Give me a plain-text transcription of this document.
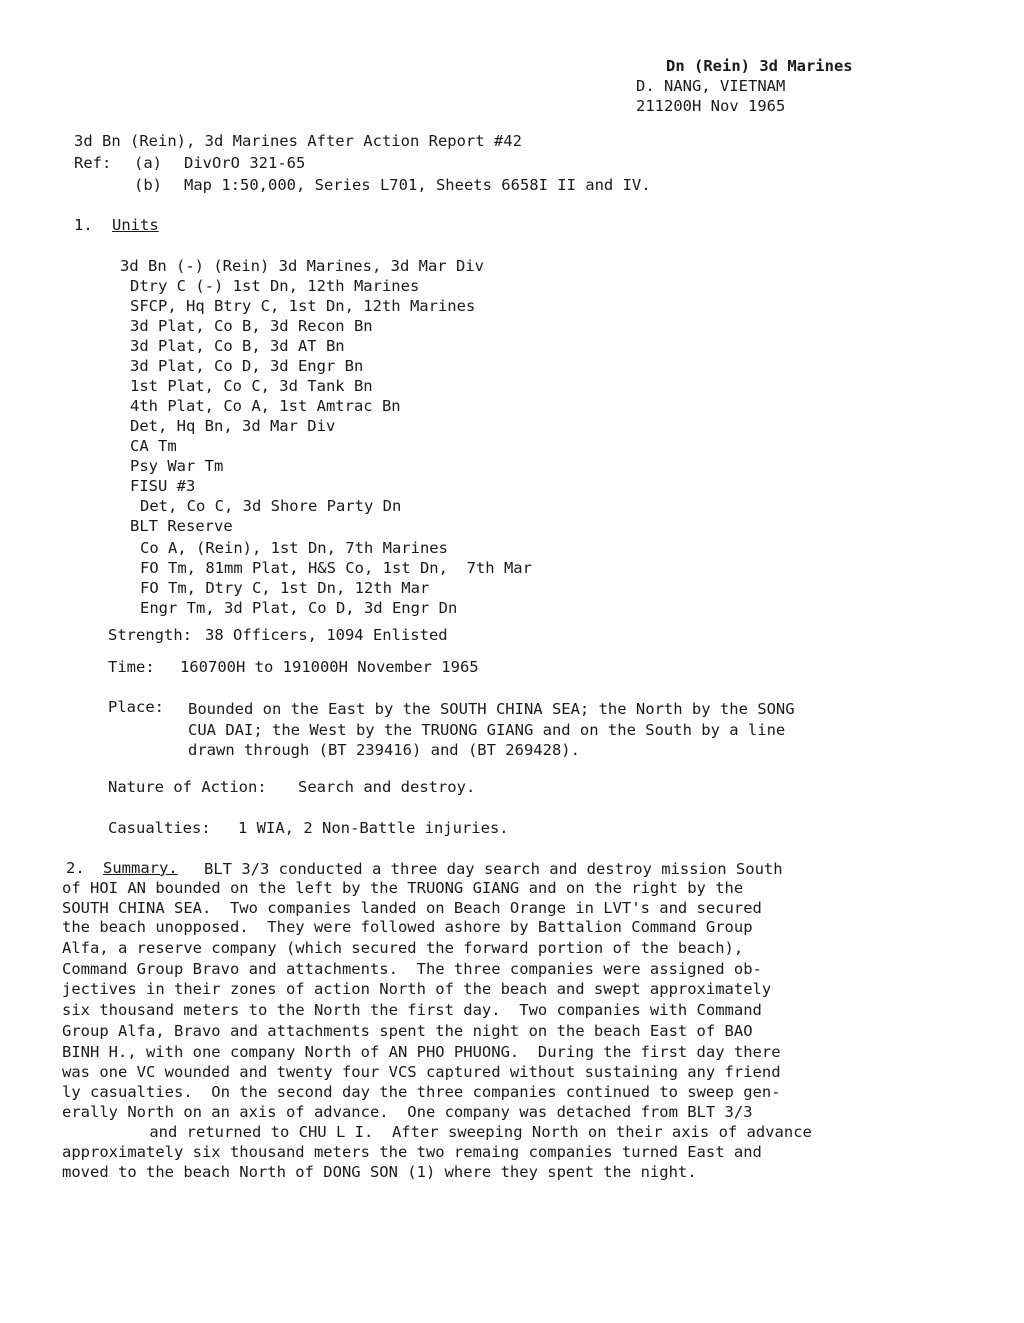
Dn (Rein) 3d Marines
D. NANG, VIETNAM
211200H Nov 1965
3d Bn (Rein), 3d Marines After Action Report #42
Ref: (a) DivOrO 321-65
(b) Map 1:50,000, Series L701, Sheets 6658I II and IV.
1. Units
3d Bn (-) (Rein) 3d Marines, 3d Mar Div
Dtry C (-) 1st Dn, 12th Marines
SFCP, Hq Btry C, 1st Dn, 12th Marines
3d Plat, Co B, 3d Recon Bn
3d Plat, Co B, 3d AT Bn
3d Plat, Co D, 3d Engr Bn
1st Plat, Co C, 3d Tank Bn
4th Plat, Co A, 1st Amtrac Bn
Det, Hq Bn, 3d Mar Div
CA Tm
Psy War Tm
FISU #3
Det, Co C, 3d Shore Party Dn
BLT Reserve
Co A, (Rein), 1st Dn, 7th Marines
FO Tm, 81mm Plat, H&S Co, 1st Dn,  7th Mar
FO Tm, Dtry C, 1st Dn, 12th Mar
Engr Tm, 3d Plat, Co D, 3d Engr Dn
Strength: 38 Officers, 1094 Enlisted
Time: 160700H to 191000H November 1965
Place: Bounded on the East by the SOUTH CHINA SEA; the North by the SONG
CUA DAI; the West by the TRUONG GIANG and on the South by a line
drawn through (BT 239416) and (BT 269428).
Nature of Action: Search and destroy.
Casualties: 1 WIA, 2 Non-Battle injuries.
2. Summary. BLT 3/3 conducted a three day search and destroy mission South
of HOI AN bounded on the left by the TRUONG GIANG and on the right by the
SOUTH CHINA SEA.  Two companies landed on Beach Orange in LVT's and secured
the beach unopposed.  They were followed ashore by Battalion Command Group
Alfa, a reserve company (which secured the forward portion of the beach),
Command Group Bravo and attachments.  The three companies were assigned ob-
jectives in their zones of action North of the beach and swept approximately
six thousand meters to the North the first day.  Two companies with Command
Group Alfa, Bravo and attachments spent the night on the beach East of BAO
BINH H., with one company North of AN PHO PHUONG.  During the first day there
was one VC wounded and twenty four VCS captured without sustaining any friend
ly casualties.  On the second day the three companies continued to sweep gen-
erally North on an axis of advance.  One company was detached from BLT 3/3
and returned to CHU L I.  After sweeping North on their axis of advance
approximately six thousand meters the two remaing companies turned East and
moved to the beach North of DONG SON (1) where they spent the night.
